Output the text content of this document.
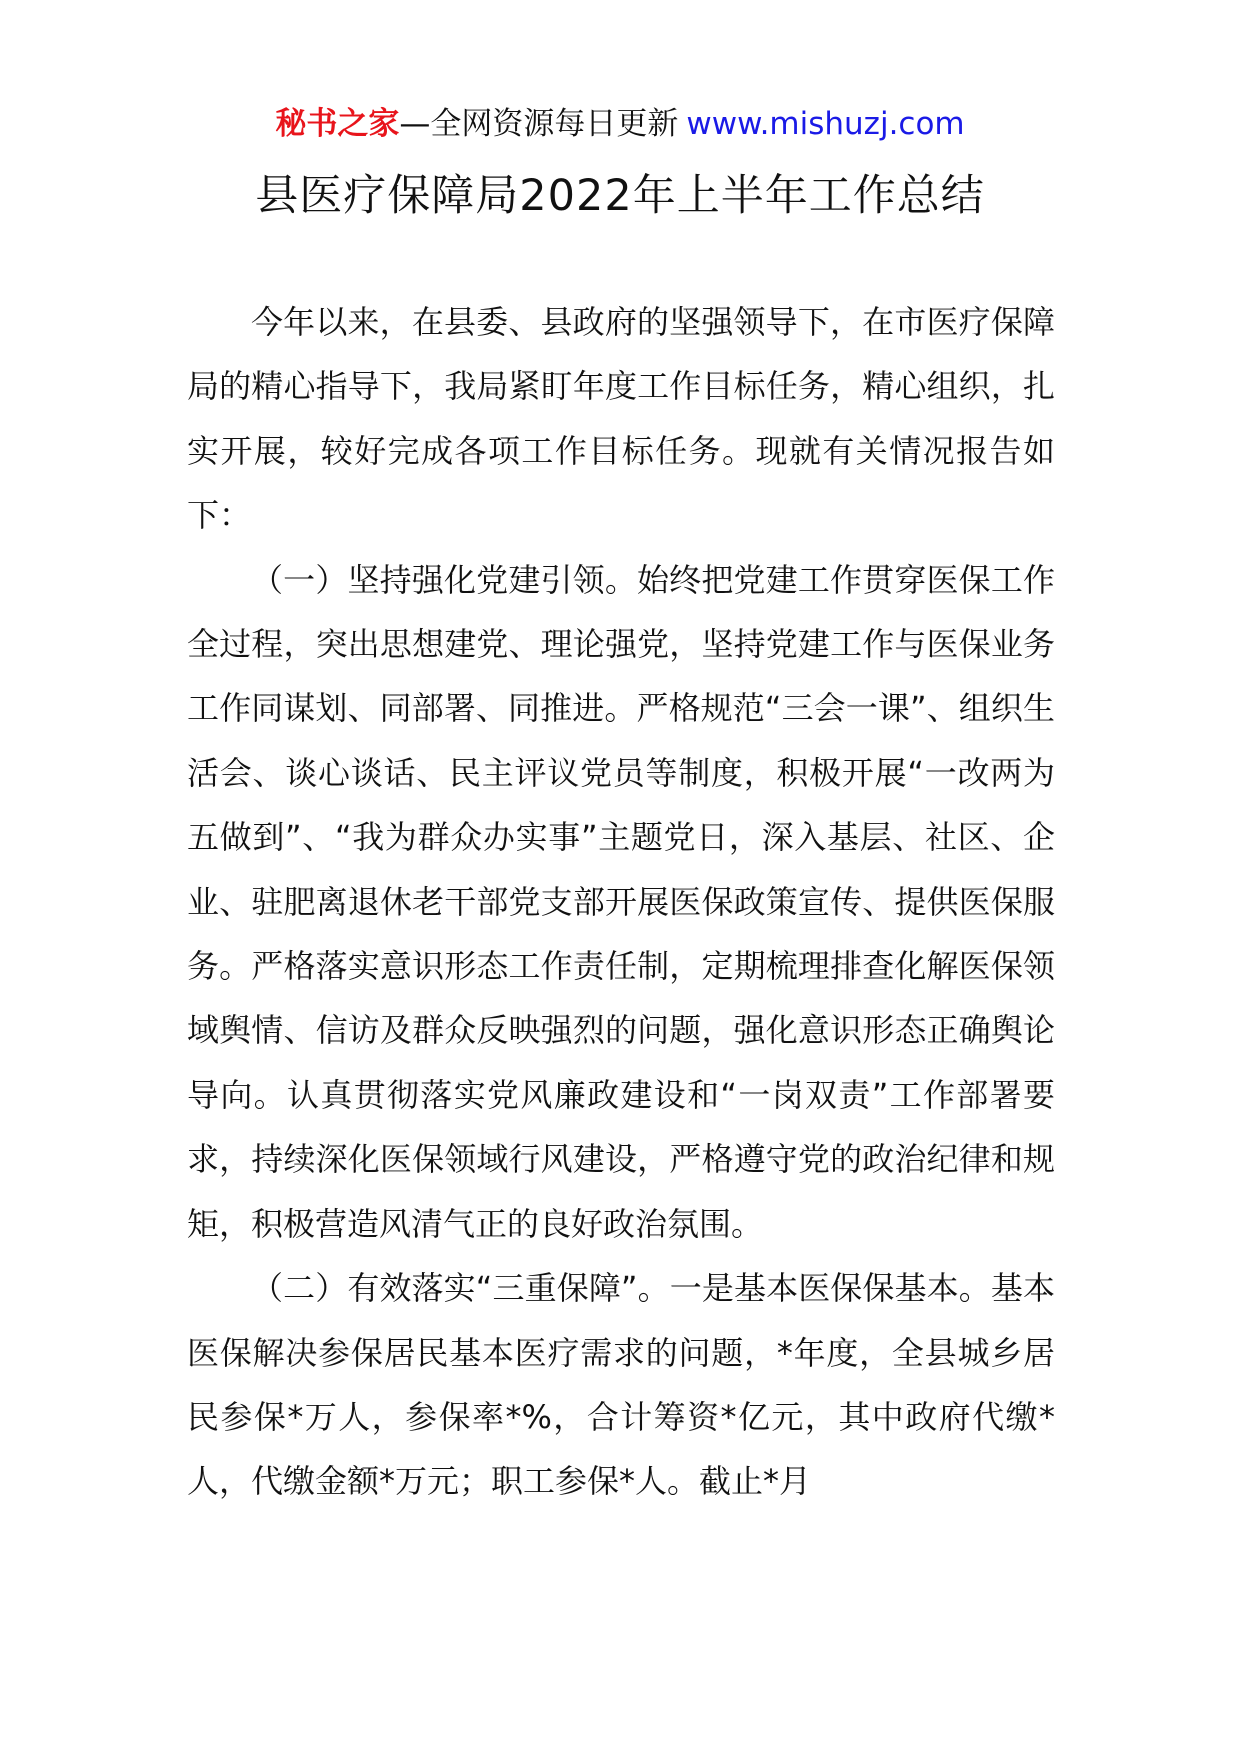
秘书之家—全网资源每日更新 www.mishuzj.com
县医疗保障局2022年上半年工作总结

今年以来，在县委、县政府的坚强领导下，在市医疗保障局的精心指导下，我局紧盯年度工作目标任务，精心组织，扎实开展，较好完成各项工作目标任务。现就有关情况报告如下：

（一）坚持强化党建引领。始终把党建工作贯穿医保工作全过程，突出思想建党、理论强党，坚持党建工作与医保业务工作同谋划、同部署、同推进。严格规范“三会一课”、组织生活会、谈心谈话、民主评议党员等制度，积极开展“一改两为五做到”、“我为群众办实事”主题党日，深入基层、社区、企业、驻肥离退休老干部党支部开展医保政策宣传、提供医保服务。严格落实意识形态工作责任制，定期梳理排查化解医保领域舆情、信访及群众反映强烈的问题，强化意识形态正确舆论导向。认真贯彻落实党风廉政建设和“一岗双责”工作部署要求，持续深化医保领域行风建设，严格遵守党的政治纪律和规矩，积极营造风清气正的良好政治氛围。

（二）有效落实“三重保障”。一是基本医保保基本。基本医保解决参保居民基本医疗需求的问题，*年度，全县城乡居民参保*万人，参保率*%，合计筹资*亿元，其中政府代缴*人，代缴金额*万元；职工参保*人。截止*月
